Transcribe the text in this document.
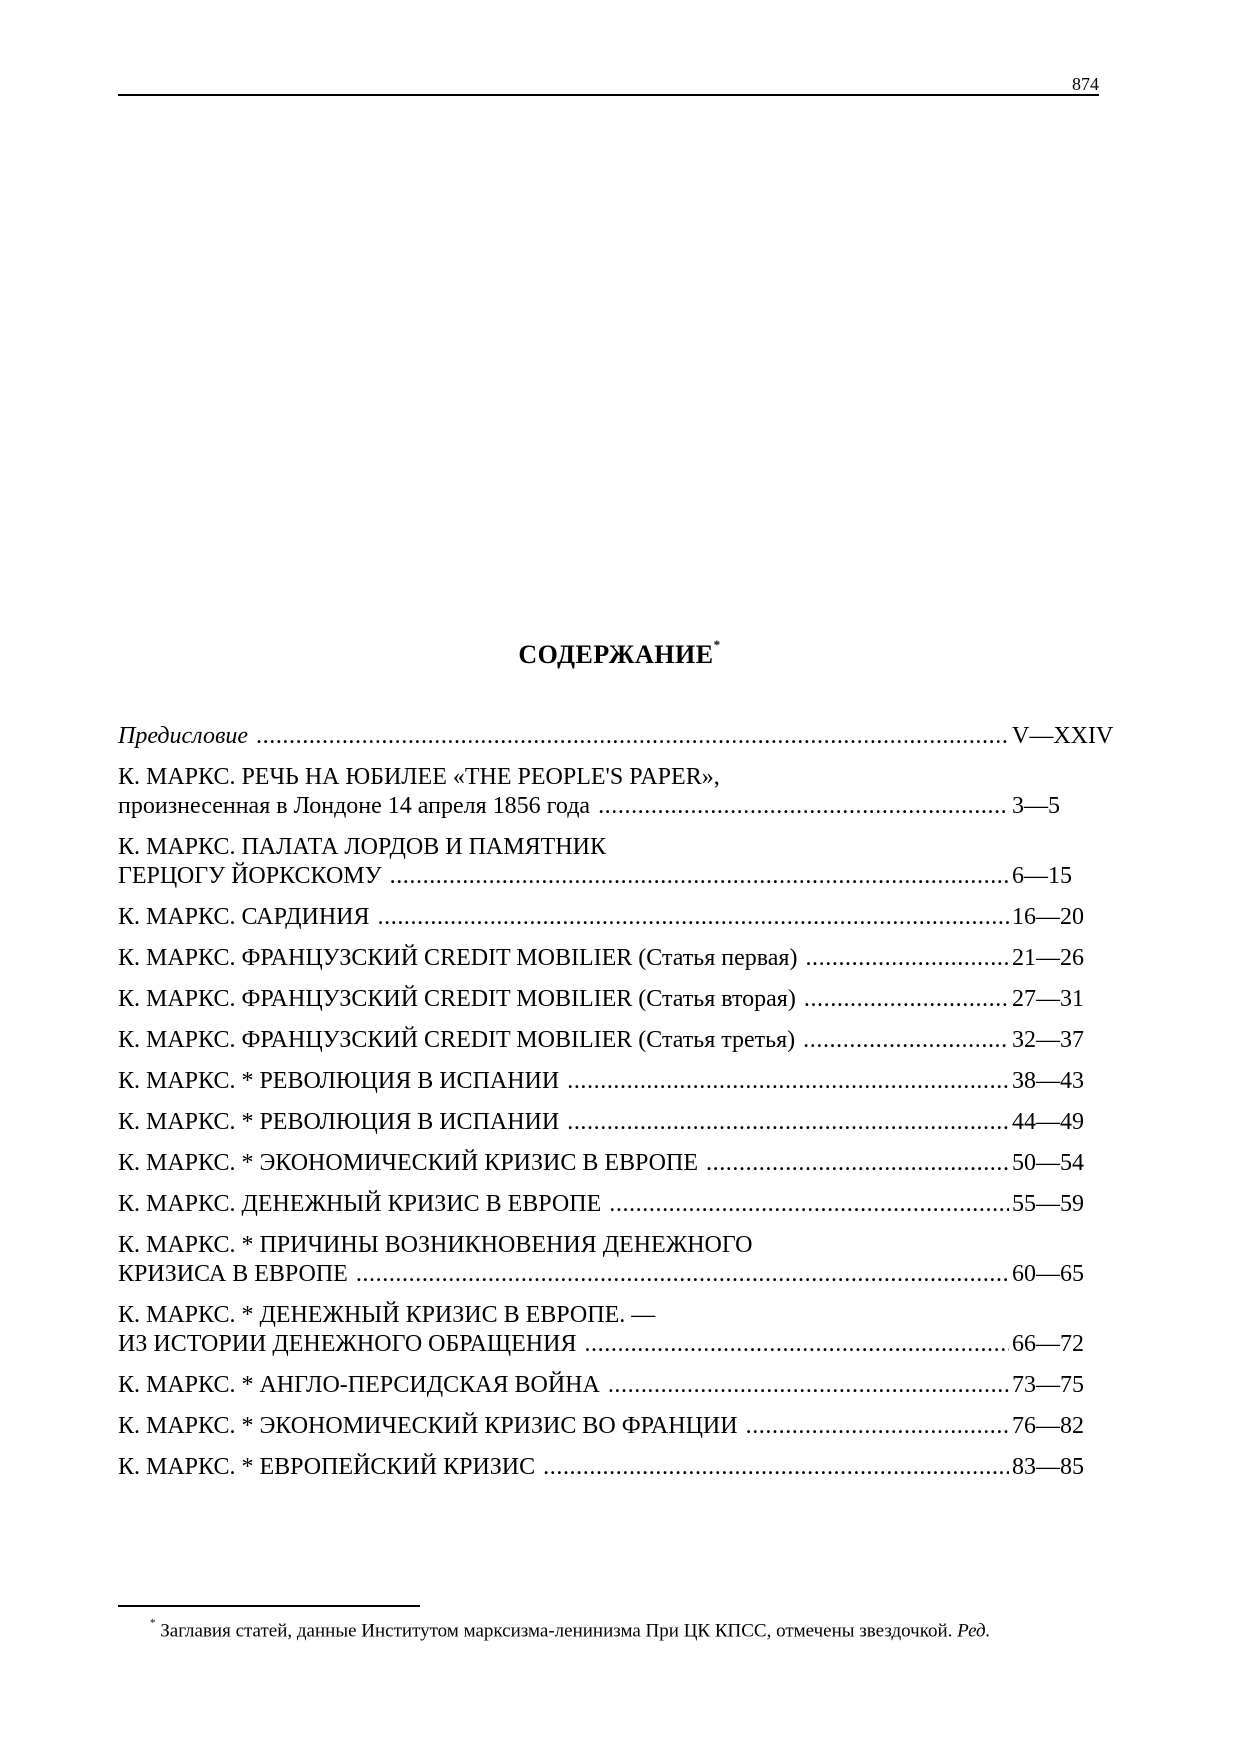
874
СОДЕРЖАНИЕ*
Предисловие .....	V—XXIV
К. МАРКС. РЕЧЬ НА ЮБИЛЕЕ «THE PEOPLE'S PAPER»,
произнесенная в Лондоне 14 апреля 1856 года .....	3—5
К. МАРКС. ПАЛАТА ЛОРДОВ И ПАМЯТНИК
ГЕРЦОГУ ЙОРКСКОМУ .....	6—15
К. МАРКС. САРДИНИЯ .....	16—20
К. МАРКС. ФРАНЦУЗСКИЙ CREDIT MOBILIER (Статья первая) .....	21—26
К. МАРКС. ФРАНЦУЗСКИЙ CREDIT MOBILIER (Статья вторая) .....	27—31
К. МАРКС. ФРАНЦУЗСКИЙ CREDIT MOBILIER (Статья третья) .....	32—37
К. МАРКС. * РЕВОЛЮЦИЯ В ИСПАНИИ .....	38—43
К. МАРКС. * РЕВОЛЮЦИЯ В ИСПАНИИ .....	44—49
К. МАРКС. * ЭКОНОМИЧЕСКИЙ КРИЗИС В ЕВРОПЕ .....	50—54
К. МАРКС. ДЕНЕЖНЫЙ КРИЗИС В ЕВРОПЕ .....	55—59
К. МАРКС. * ПРИЧИНЫ ВОЗНИКНОВЕНИЯ ДЕНЕЖНОГО
КРИЗИСА В ЕВРОПЕ .....	60—65
К. МАРКС. * ДЕНЕЖНЫЙ КРИЗИС В ЕВРОПЕ. —
ИЗ ИСТОРИИ ДЕНЕЖНОГО ОБРАЩЕНИЯ .....	66—72
К. МАРКС. * АНГЛО-ПЕРСИДСКАЯ ВОЙНА .....	73—75
К. МАРКС. * ЭКОНОМИЧЕСКИЙ КРИЗИС ВО ФРАНЦИИ .....	76—82
К. МАРКС. * ЕВРОПЕЙСКИЙ КРИЗИС .....	83—85
* Заглавия статей, данные Институтом марксизма-ленинизма При ЦК КПСС, отмечены звездочкой. Ред.
